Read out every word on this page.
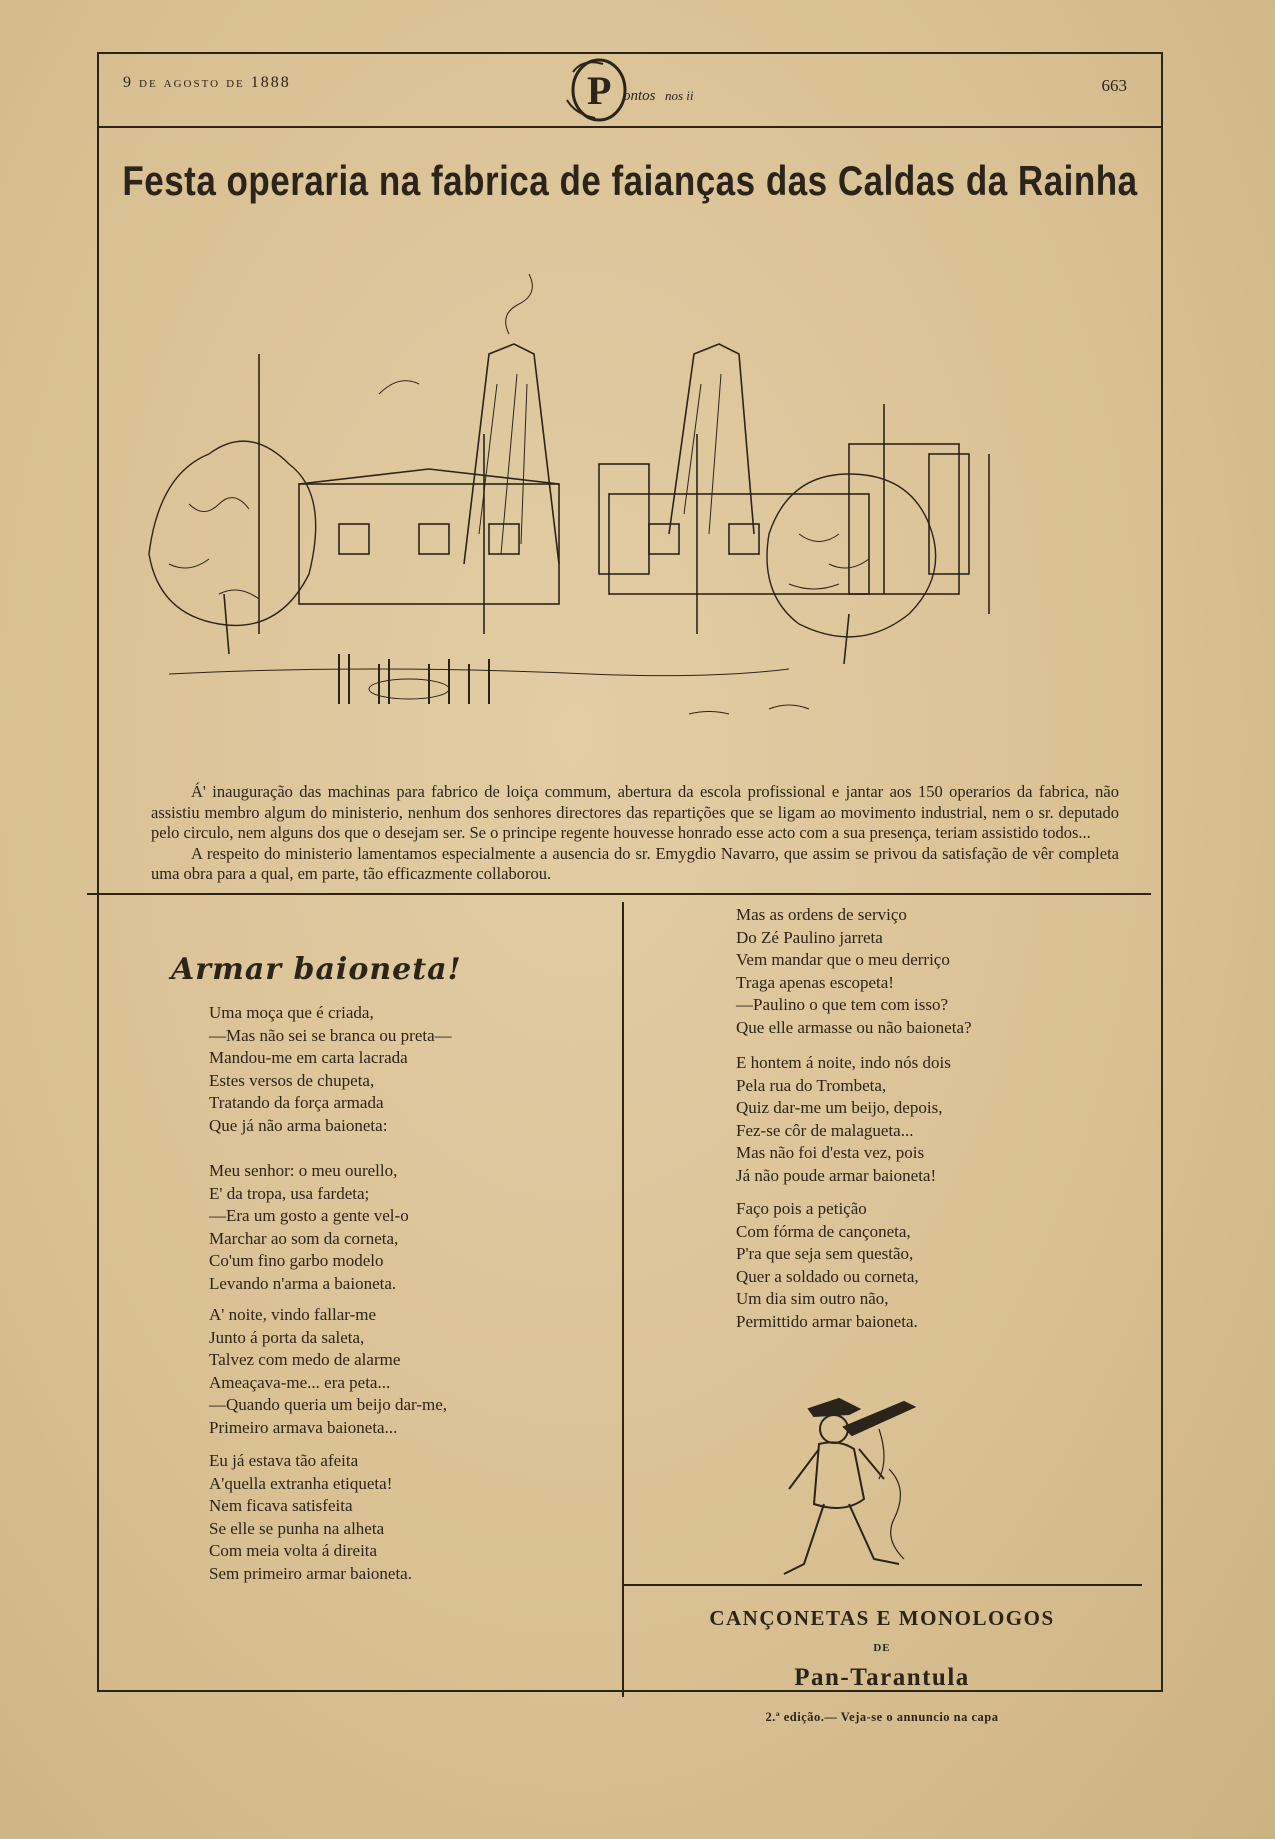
9 de agosto de 1888	P ontos nos ii
663
Festa operaria na fabrica de faianças das Caldas da Rainha

Á' inauguração das machinas para fabrico de loiça commum, abertura da escola profissional e jantar aos 150 operarios da fabrica, não assistiu membro algum do ministerio, nenhum dos senhores directores das repartições que se ligam ao movimento industrial, nem o sr. deputado pelo circulo, nem alguns dos que o desejam ser. Se o principe regente houvesse honrado esse acto com a sua presença, teriam assistido todos...

A respeito do ministerio lamentamos especialmente a ausencia do sr. Emygdio Navarro, que assim se privou da satisfação de vêr completa uma obra para a qual, em parte, tão efficazmente collaborou.

Armar baioneta!
Uma moça que é criada,
—Mas não sei se branca ou preta—
Mandou-me em carta lacrada
Estes versos de chupeta,
Tratando da força armada
Que já não arma baioneta:
Meu senhor: o meu ourello,
E' da tropa, usa fardeta;
—Era um gosto a gente vel-o
Marchar ao som da corneta,
Co'um fino garbo modelo
Levando n'arma a baioneta.
A' noite, vindo fallar-me
Junto á porta da saleta,
Talvez com medo de alarme
Ameaçava-me... era peta...
—Quando queria um beijo dar-me,
Primeiro armava baioneta...
Eu já estava tão afeita
A'quella extranha etiqueta!
Nem ficava satisfeita
Se elle se punha na alheta
Com meia volta á direita
Sem primeiro armar baioneta.
Mas as ordens de serviço
Do Zé Paulino jarreta
Vem mandar que o meu derriço
Traga apenas escopeta!
—Paulino o que tem com isso?
Que elle armasse ou não baioneta?
E hontem á noite, indo nós dois
Pela rua do Trombeta,
Quiz dar-me um beijo, depois,
Fez-se côr de malagueta...
Mas não foi d'esta vez, pois
Já não poude armar baioneta!
Faço pois a petição
Com fórma de cançoneta,
P'ra que seja sem questão,
Quer a soldado ou corneta,
Um dia sim outro não,
Permittido armar baioneta.
CANÇONETAS E MONOLOGOS
DE
Pan-Tarantula
2.ª edição.— Veja-se o annuncio na capa
